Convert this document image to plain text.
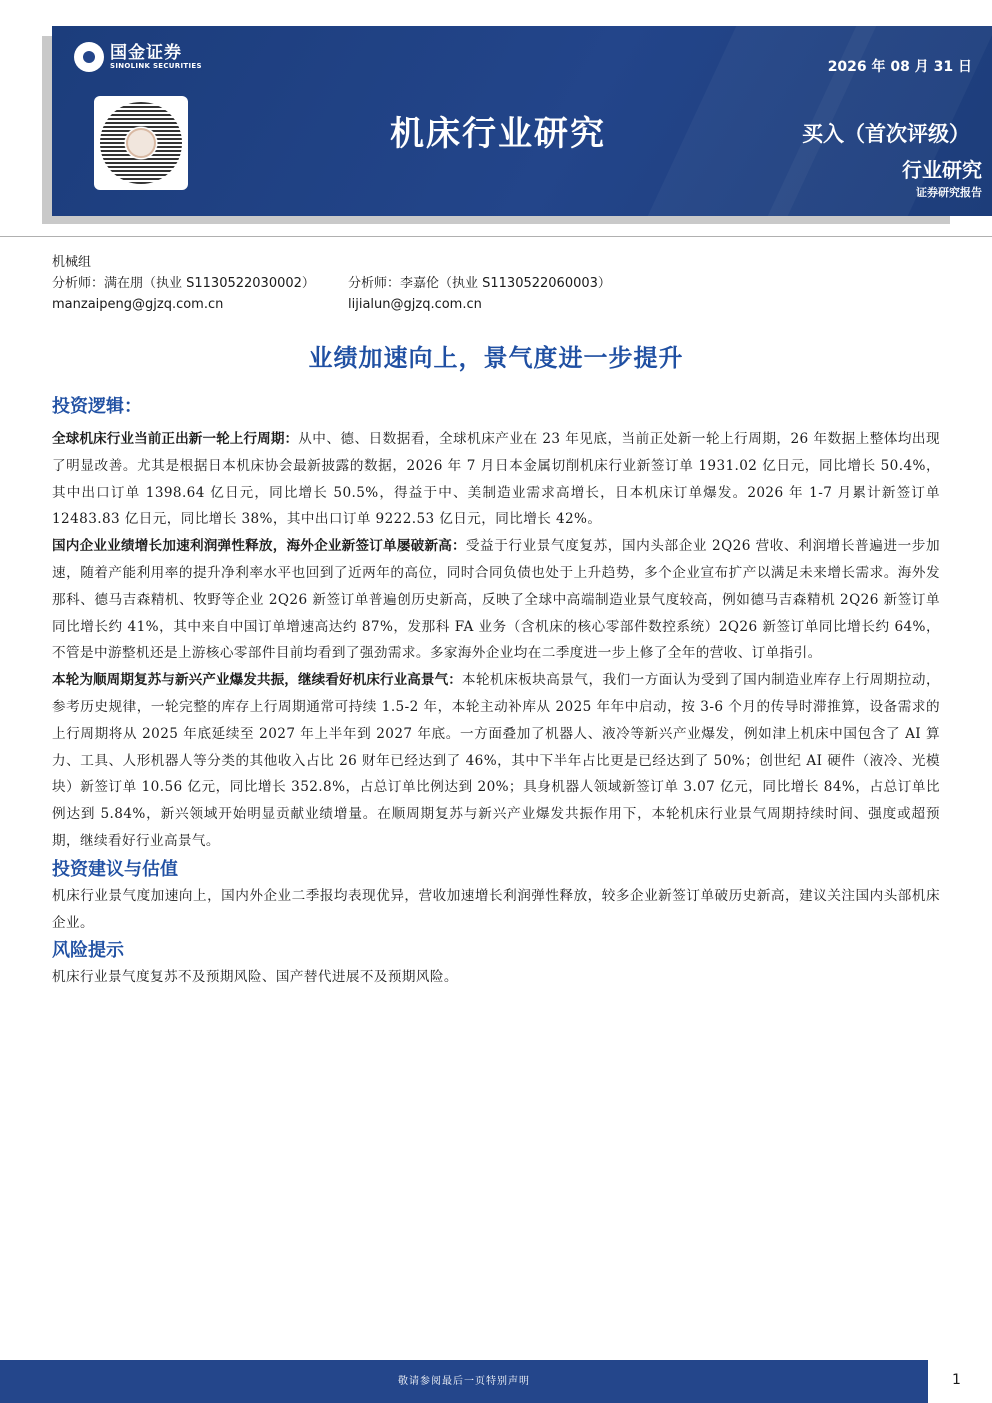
国金证券
SINOLINK SECURITIES
机床行业研究
2026 年 08 月 31 日
买入（首次评级）
行业研究
证券研究报告
机械组
分析师：满在朋（执业 S1130522030002）	分析师：李嘉伦（执业 S1130522060003）
manzaipeng@gjzq.com.cn	lijialun@gjzq.com.cn
业绩加速向上，景气度进一步提升
投资逻辑：
全球机床行业当前正出新一轮上行周期：从中、德、日数据看，全球机床产业在 23 年见底，当前正处新一轮上行周期，26 年数据上整体均出现了明显改善。尤其是根据日本机床协会最新披露的数据，2026 年 7 月日本金属切削机床行业新签订单 1931.02 亿日元，同比增长 50.4%，其中出口订单 1398.64 亿日元，同比增长 50.5%，得益于中、美制造业需求高增长，日本机床订单爆发。2026 年 1-7 月累计新签订单 12483.83 亿日元，同比增长 38%，其中出口订单 9222.53 亿日元，同比增长 42%。
国内企业业绩增长加速利润弹性释放，海外企业新签订单屡破新高：受益于行业景气度复苏，国内头部企业 2Q26 营收、利润增长普遍进一步加速，随着产能利用率的提升净利率水平也回到了近两年的高位，同时合同负债也处于上升趋势，多个企业宣布扩产以满足未来增长需求。海外发那科、德马吉森精机、牧野等企业 2Q26 新签订单普遍创历史新高，反映了全球中高端制造业景气度较高，例如德马吉森精机 2Q26 新签订单同比增长约 41%，其中来自中国订单增速高达约 87%，发那科 FA 业务（含机床的核心零部件数控系统）2Q26 新签订单同比增长约 64%，不管是中游整机还是上游核心零部件目前均看到了强劲需求。多家海外企业均在二季度进一步上修了全年的营收、订单指引。
本轮为顺周期复苏与新兴产业爆发共振，继续看好机床行业高景气：本轮机床板块高景气，我们一方面认为受到了国内制造业库存上行周期拉动，参考历史规律，一轮完整的库存上行周期通常可持续 1.5-2 年，本轮主动补库从 2025 年年中启动，按 3-6 个月的传导时滞推算，设备需求的上行周期将从 2025 年底延续至 2027 年上半年到 2027 年底。一方面叠加了机器人、液冷等新兴产业爆发，例如津上机床中国包含了 AI 算力、工具、人形机器人等分类的其他收入占比 26 财年已经达到了 46%，其中下半年占比更是已经达到了 50%；创世纪 AI 硬件（液冷、光模块）新签订单 10.56 亿元，同比增长 352.8%，占总订单比例达到 20%；具身机器人领域新签订单 3.07 亿元，同比增长 84%，占总订单比例达到 5.84%，新兴领域开始明显贡献业绩增量。在顺周期复苏与新兴产业爆发共振作用下，本轮机床行业景气周期持续时间、强度或超预期，继续看好行业高景气。
投资建议与估值
机床行业景气度加速向上，国内外企业二季报均表现优异，营收加速增长利润弹性释放，较多企业新签订单破历史新高，建议关注国内头部机床企业。
风险提示
机床行业景气度复苏不及预期风险、国产替代进展不及预期风险。
敬请参阅最后一页特别声明	1
